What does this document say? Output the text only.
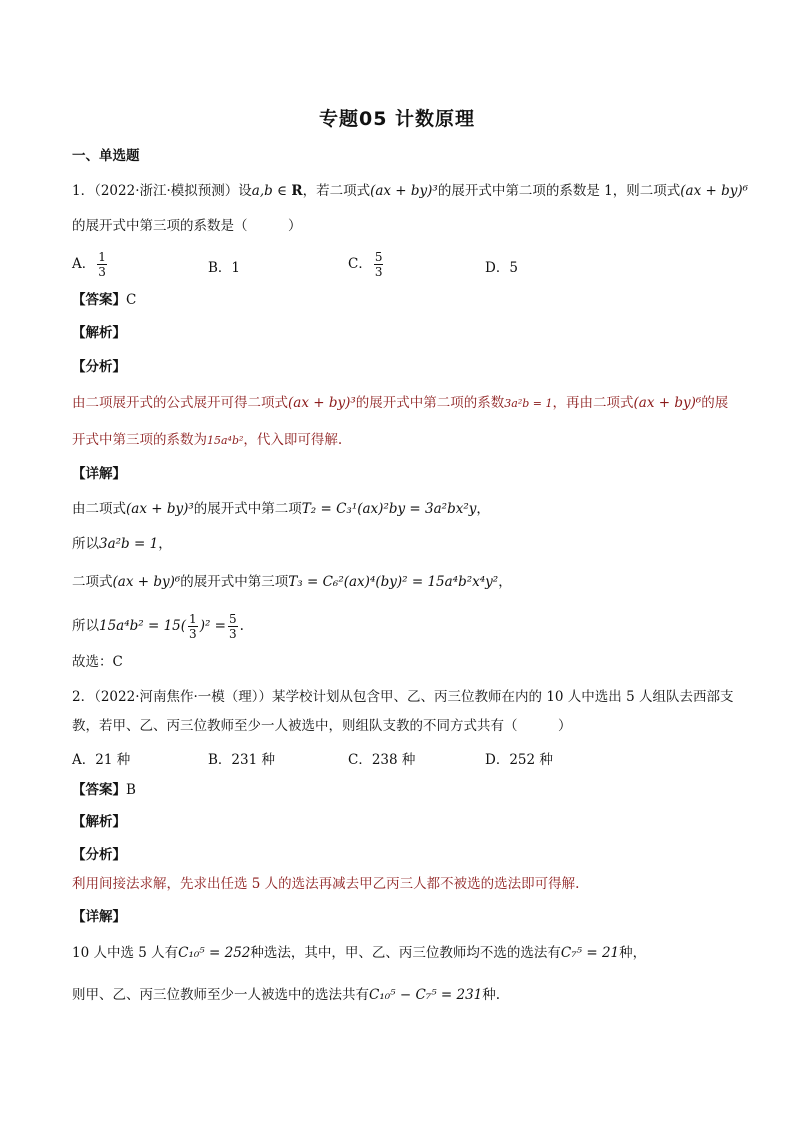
专题05 计数原理
一、单选题
1．（2022·浙江·模拟预测）设a,b ∈ R，若二项式(ax + by)³的展开式中第二项的系数是 1，则二项式(ax + by)⁶
的展开式中第三项的系数是（　　　）
A． $\frac{1}{3}$	B．1	C． $\frac{5}{3}$	D．5
【答案】C
【解析】
【分析】
由二项展开式的公式展开可得二项式(ax + by)³的展开式中第二项的系数3a²b = 1，再由二项式(ax + by)⁶的展
开式中第三项的系数为15a⁴b²，代入即可得解.
【详解】
由二项式(ax + by)³的展开式中第二项T₂ = C₃¹(ax)²by = 3a²bx²y，
所以3a²b = 1，
二项式(ax + by)⁶的展开式中第三项T₃ = C₆²(ax)⁴(by)² = 15a⁴b²x⁴y²，
所以$15a^4b^2 = 15( \frac{1}{3} )^2 = \frac{5}{3}$ .
故选：C
2．（2022·河南焦作·一模（理））某学校计划从包含甲、乙、丙三位教师在内的 10 人中选出 5 人组队去西部支
教，若甲、乙、丙三位教师至少一人被选中，则组队支教的不同方式共有（　　　）
A．21 种	B．231 种	C．238 种	D．252 种
【答案】B
【解析】
【分析】
利用间接法求解，先求出任选 5 人的选法再减去甲乙丙三人都不被选的选法即可得解.
【详解】
10 人中选 5 人有C₁₀⁵ = 252种选法，其中，甲、乙、丙三位教师均不选的选法有C₇⁵ = 21种，
则甲、乙、丙三位教师至少一人被选中的选法共有C₁₀⁵ − C₇⁵ = 231种.
